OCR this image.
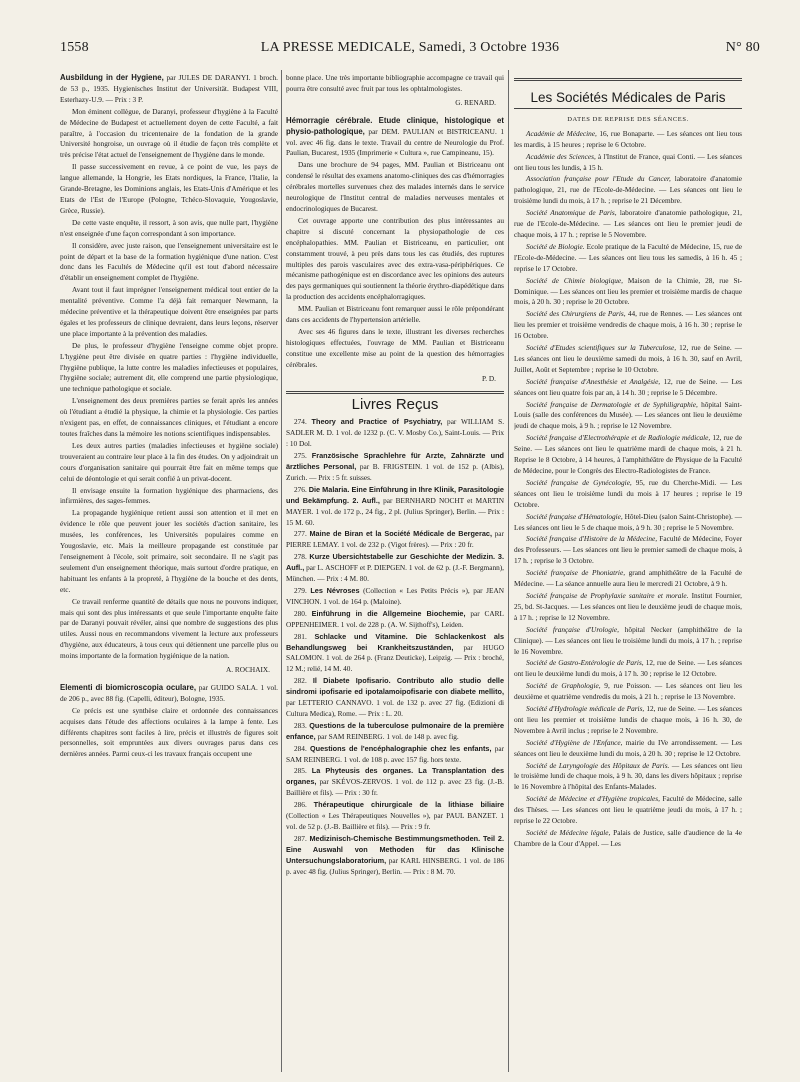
1558	LA PRESSE MEDICALE, Samedi, 3 Octobre 1936	N° 80

Ausbildung in der Hygiene, par JULES DE DARANYI. 1 broch. de 53 p., 1935. Hygienisches Institut der Universität. Budapest VIII, Esterhazy-U.9. — Prix : 3 P.

Mon éminent collègue, de Daranyi, professeur d'hygiène à la Faculté de Médecine de Budapest et actuellement doyen de cette Faculté, a fait paraître, à l'occasion du tricentenaire de la fondation de la grande Université hongroise, un ouvrage où il étudie de façon très complète et très précise l'état actuel de l'enseignement de l'hygiène dans le monde.

Il passe successivement en revue, à ce point de vue, les pays de langue allemande, la Hongrie, les Etats nordiques, la France, l'Italie, la Grande-Bretagne, les Dominions anglais, les Etats-Unis d'Amérique et les Etats de l'Est de l'Europe (Pologne, Tchéco-Slovaquie, Yougoslavie, Grèce, Russie).

De cette vaste enquête, il ressort, à son avis, que nulle part, l'hygiène n'est enseignée d'une façon correspondant à son importance.

Il considère, avec juste raison, que l'enseignement universitaire est le point de départ et la base de la formation hygiénique d'une nation. C'est donc dans les Facultés de Médecine qu'il est tout d'abord nécessaire d'établir un enseignement complet de l'hygiène.

Avant tout il faut imprégner l'enseignement médical tout entier de la mentalité préventive. Comme l'a déjà fait remarquer Newmann, la médecine préventive et la thérapeutique doivent être enseignées par parts égales et les professeurs de clinique devraient, dans leurs leçons, réserver une place importante à la prévention des maladies.

De plus, le professeur d'hygiène l'enseigne comme objet propre. L'hygiène peut être divisée en quatre parties : l'hygiène individuelle, l'hygiène publique, la lutte contre les maladies infectieuses et populaires, l'hygiène sociale; autrement dit, elle comprend une partie physiologique, une technique pathologique et sociale.

L'enseignement des deux premières parties se ferait après les années où l'étudiant a étudié la physique, la chimie et la physiologie. Ces parties n'exigent pas, en effet, de connaissances cliniques, et l'étudiant a encore toutes fraîches dans la mémoire les notions scientifiques indispensables.

Les deux autres parties (maladies infectieuses et hygiène sociale) trouveraient au contraire leur place à la fin des études. On y adjoindrait un cours d'organisation sanitaire qui pourrait être fait en même temps que celui de déontologie et qui serait confié à un privat-docent.

Il envisage ensuite la formation hygiénique des pharmaciens, des infirmières, des sages-femmes.

La propagande hygiénique retient aussi son attention et il met en évidence le rôle que peuvent jouer les sociétés d'action sanitaire, les musées, les conférences, les Universités populaires comme en Yougoslavie, etc. Mais la meilleure propagande est constituée par l'enseignement à l'école, soit primaire, soit secondaire. Il ne s'agit pas seulement d'un enseignement théorique, mais surtout d'ordre pratique, en habituant les enfants à la propreté, à l'hygiène de la bouche et des dents, etc.

Ce travail renferme quantité de détails que nous ne pouvons indiquer, mais qui sont des plus intéressants et que seule l'importante enquête faite par de Daranyi pouvait révéler, ainsi que nombre de suggestions des plus utiles. Aussi nous en recommandons vivement la lecture aux professeurs d'hygiène, aux éducateurs, à tous ceux qui détiennent une parcelle plus ou moins importante de la formation hygiénique de la nation.

A. ROCHAIX.

Elementi di biomicroscopia oculare, par GUIDO SALA. 1 vol. de 206 p., avec 88 fig. (Capelli, éditeur), Bologne, 1935.

Ce précis est une synthèse claire et ordonnée des connaissances acquises dans l'étude des affections oculaires à la lampe à fente. Les différents chapitres sont faciles à lire, précis et illustrés de figures soit personnelles, soit empruntées aux divers ouvrages parus dans ces dernières années. Parmi ceux-ci les travaux français occupent une

bonne place. Une très importante bibliographie accompagne ce travail qui pourra être consulté avec fruit par tous les ophtalmologistes.

G. RENARD.

Hémorragie cérébrale. Etude clinique, histologique et physio-pathologique, par DEM. PAULIAN et BISTRICEANU. 1 vol. avec 46 fig. dans le texte. Travail du centre de Neurologie du Prof. Paulian, Bucarest, 1935 (Imprimerie « Cultura », rue Campineanu, 15).

Dans une brochure de 94 pages, MM. Paulian et Bistriceanu ont condensé le résultat des examens anatomo-cliniques des cas d'hémorragies cérébrales mortelles survenues chez des malades internés dans le service neurologique de l'Institut central de maladies nerveuses mentales et endocrinologiques de Bucarest.

Cet ouvrage apporte une contribution des plus intéressantes au chapitre si discuté concernant la physiopathologie de ces encéphalopathies. MM. Paulian et Bistriceanu, en particulier, ont constamment trouvé, à peu près dans tous les cas étudiés, des ruptures multiples des parois vasculaires avec des extra-vasa-périphériques. Ce mécanisme pathogénique est en discordance avec les opinions des auteurs des pays germaniques qui soutiennent la théorie érythro-diapédétique dans la production des accidents encéphalorragiques.

MM. Paulian et Bistriceanu font remarquer aussi le rôle prépondérant dans ces accidents de l'hypertension artérielle.

Avec ses 46 figures dans le texte, illustrant les diverses recherches histologiques effectuées, l'ouvrage de MM. Paulian et Bistriceanu constitue une excellente mise au point de la question des hémorragies cérébrales.

P. D.

Livres Reçus

274. Theory and Practice of Psychiatry, par WILLIAM S. SADLER M. D. 1 vol. de 1232 p. (C. V. Mosby Co.), Saint-Louis. — Prix : 10 Dol.

275. Französische Sprachlehre für Arzte, Zahnärzte und ärztliches Personal, par B. FRIGSTEIN. 1 vol. de 152 p. (Albis), Zurich. — Prix : 5 fr. suisses.

276. Die Malaria. Eine Einführung in Ihre Klinik, Parasitologie und Bekämpfung. 2. Aufl., par BERNHARD NOCHT et MARTIN MAYER. 1 vol. de 172 p., 24 fig., 2 pl. (Julius Springer), Berlin. — Prix : 15 M. 60.

277. Maine de Biran et la Société Médicale de Bergerac, par PIERRE LEMAY. 1 vol. de 232 p. (Vigot frères). — Prix : 20 fr.

278. Kurze Ubersichtstabelle zur Geschichte der Medizin. 3. Aufl., par L. ASCHOFF et P. DIEPGEN. 1 vol. de 62 p. (J.-F. Bergmann), München. — Prix : 4 M. 80.

279. Les Névroses (Collection « Les Petits Précis »), par JEAN VINCHON. 1 vol. de 164 p. (Maloine).

280. Einführung in die Allgemeine Biochemie, par CARL OPPENHEIMER. 1 vol. de 228 p. (A. W. Sijthoff's), Leiden.

281. Schlacke und Vitamine. Die Schlackenkost als Behandlungsweg bei Krankheitszuständen, par HUGO SALOMON. 1 vol. de 264 p. (Franz Deuticke), Leipzig. — Prix : broché, 12 M.; relié, 14 M. 40.

282. Il Diabete Ipofisario. Contributo allo studio delle sindromi ipofisarie ed ipotalamoipofisarie con diabete mellito, par LETTERIO CANNAVO. 1 vol. de 132 p. avec 27 fig. (Edizioni di Cultura Medica), Rome. — Prix : L. 20.

283. Questions de la tuberculose pulmonaire de la première enfance, par SAM REINBERG. 1 vol. de 148 p. avec fig.

284. Questions de l'encéphalographie chez les enfants, par SAM REINBERG. 1 vol. de 108 p. avec 157 fig. hors texte.

285. La Phyteusis des organes. La Transplantation des organes, par SKÉVOS-ZERVOS. 1 vol. de 112 p. avec 23 fig. (J.-B. Baillière et fils). — Prix : 30 fr.

286. Thérapeutique chirurgicale de la lithiase biliaire (Collection « Les Thérapeutiques Nouvelles »), par PAUL BANZET. 1 vol. de 52 p. (J.-B. Baillière et fils). — Prix : 9 fr.

287. Medizinisch-Chemische Bestimmungsmethoden. Teil 2. Eine Auswahl von Methoden für das Klinische Untersuchungslaboratorium, par KARL HINSBERG. 1 vol. de 186 p. avec 48 fig. (Julius Springer), Berlin. — Prix : 8 M. 70.

Les Sociétés Médicales de Paris
DATES DE REPRISE DES SÉANCES.

Académie de Médecine, 16, rue Bonaparte. — Les séances ont lieu tous les mardis, à 15 heures ; reprise le 6 Octobre.

Académie des Sciences, à l'Institut de France, quai Conti. — Les séances ont lieu tous les lundis, à 15 h.

Association française pour l'Etude du Cancer, laboratoire d'anatomie pathologique, 21, rue de l'Ecole-de-Médecine. — Les séances ont lieu le troisième lundi du mois, à 17 h. ; reprise le 21 Décembre.

Société Anatomique de Paris, laboratoire d'anatomie pathologique, 21, rue de l'Ecole-de-Médecine. — Les séances ont lieu le premier jeudi de chaque mois, à 17 h. ; reprise le 5 Novembre.

Société de Biologie. Ecole pratique de la Faculté de Médecine, 15, rue de l'Ecole-de-Médecine. — Les séances ont lieu tous les samedis, à 16 h. 45 ; reprise le 17 Octobre.

Société de Chimie biologique, Maison de la Chimie, 28, rue St-Dominique. — Les séances ont lieu les premier et troisième mardis de chaque mois, à 20 h. 30 ; reprise le 20 Octobre.

Société des Chirurgiens de Paris, 44, rue de Rennes. — Les séances ont lieu les premier et troisième vendredis de chaque mois, à 16 h. 30 ; reprise le 16 Octobre.

Société d'Etudes scientifiques sur la Tuberculose, 12, rue de Seine. — Les séances ont lieu le deuxième samedi du mois, à 16 h. 30, sauf en Avril, Juillet, Août et Septembre ; reprise le 10 Octobre.

Société française d'Anesthésie et Analgésie, 12, rue de Seine. — Les séances ont lieu quatre fois par an, à 14 h. 30 ; reprise le 5 Décembre.

Société française de Dermatologie et de Syphiligraphie, hôpital Saint-Louis (salle des conférences du Musée). — Les séances ont lieu le deuxième jeudi de chaque mois, à 9 h. ; reprise le 12 Novembre.

Société française d'Electrothérapie et de Radiologie médicale, 12, rue de Seine. — Les séances ont lieu le quatrième mardi de chaque mois, à 21 h. Reprise le 8 Octobre, à 14 heures, à l'amphithéâtre de Physique de la Faculté de Médecine, pour le Congrès des Electro-Radiologistes de France.

Société française de Gynécologie, 95, rue du Cherche-Midi. — Les séances ont lieu le troisième lundi du mois à 17 heures ; reprise le 19 Octobre.

Société française d'Hématologie, Hôtel-Dieu (salon Saint-Christophe). — Les séances ont lieu le 5 de chaque mois, à 9 h. 30 ; reprise le 5 Novembre.

Société française d'Histoire de la Médecine, Faculté de Médecine, Foyer des Professeurs. — Les séances ont lieu le premier samedi de chaque mois, à 17 h. ; reprise le 3 Octobre.

Société française de Phoniatrie, grand amphithéâtre de la Faculté de Médecine. — La séance annuelle aura lieu le mercredi 21 Octobre, à 9 h.

Société française de Prophylaxie sanitaire et morale. Institut Fournier, 25, bd. St-Jacques. — Les séances ont lieu le deuxième jeudi de chaque mois, à 17 h. ; reprise le 12 Novembre.

Société française d'Urologie, hôpital Necker (amphithéâtre de la Clinique). — Les séances ont lieu le troisième lundi du mois, à 17 h. ; reprise le 16 Novembre.

Société de Gastro-Entérologie de Paris, 12, rue de Seine. — Les séances ont lieu le deuxième lundi du mois, à 17 h. 30 ; reprise le 12 Octobre.

Société de Graphologie, 9, rue Poisson. — Les séances ont lieu les deuxième et quatrième vendredis du mois, à 21 h. ; reprise le 13 Novembre.

Société d'Hydrologie médicale de Paris, 12, rue de Seine. — Les séances ont lieu les premier et troisième lundis de chaque mois, à 16 h. 30, de Novembre à Avril inclus ; reprise le 2 Novembre.

Société d'Hygiène de l'Enfance, mairie du IVe arrondissement. — Les séances ont lieu le deuxième lundi du mois, à 20 h. 30 ; reprise le 12 Octobre.

Société de Laryngologie des Hôpitaux de Paris. — Les séances ont lieu le troisième lundi de chaque mois, à 9 h. 30, dans les divers hôpitaux ; reprise le 16 Novembre à l'hôpital des Enfants-Malades.

Société de Médecine et d'Hygiène tropicales, Faculté de Médecine, salle des Thèses. — Les séances ont lieu le quatrième jeudi du mois, à 17 h. ; reprise le 22 Octobre.

Société de Médecine légale, Palais de Justice, salle d'audience de la 4e Chambre de la Cour d'Appel. — Les
